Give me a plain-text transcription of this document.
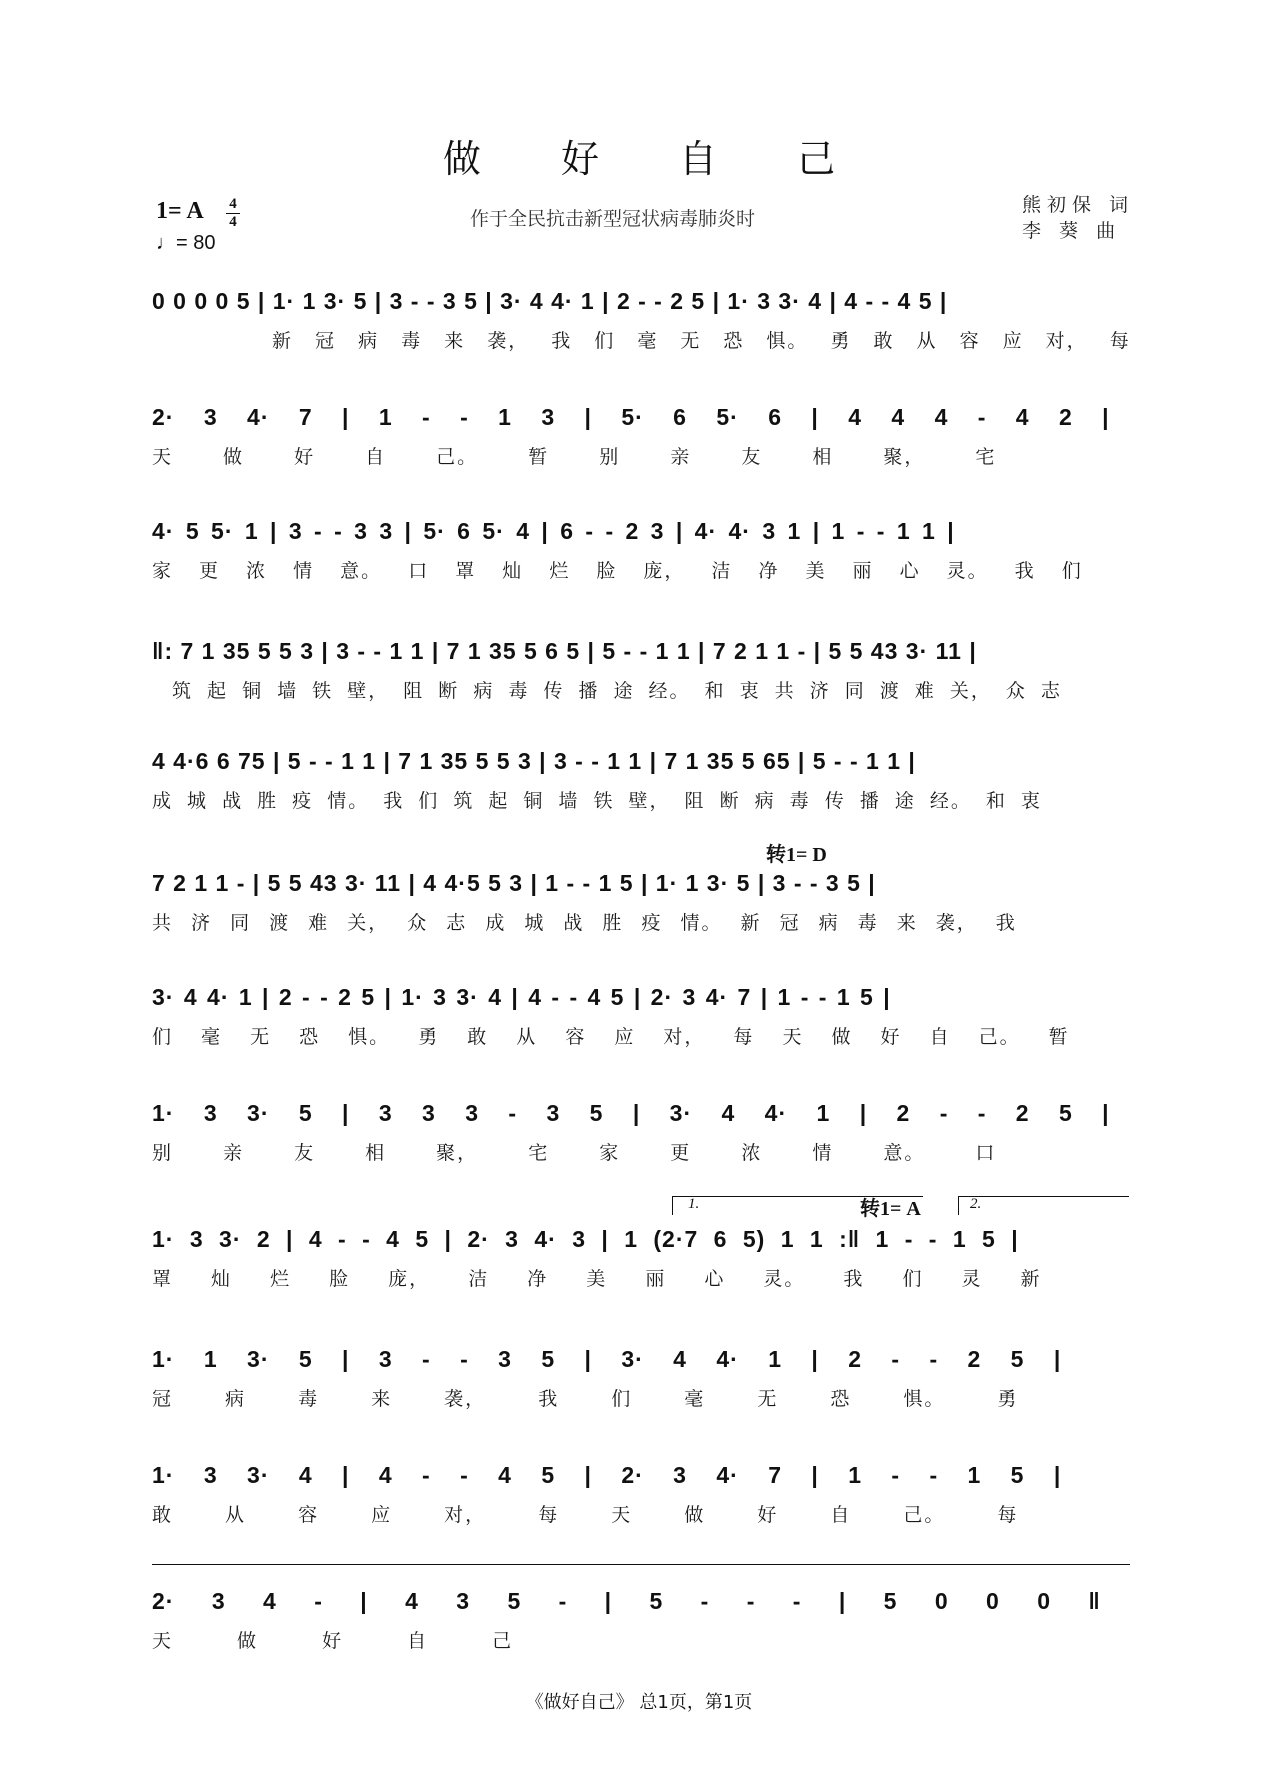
做 好 自 己
作于全民抗击新型冠状病毒肺炎时
熊初保 词
李 葵 曲
1= A 4
4
♩= 80
0 0 0 0 5 | 1· 1 3· 5 | 3 - - 3 5 | 3· 4 4· 1 | 2 - - 2 5 | 1· 3 3· 4 | 4 - - 4 5 |
新 冠 病 毒 来 袭， 我 们 毫 无 恐 惧。 勇 敢 从 容 应 对， 每
2· 3 4· 7 | 1 - - 1 3 | 5· 6 5· 6 | 4 4 4 - 4 2 |
天 做 好 自 己。 暂 别 亲 友 相 聚， 宅
4· 5 5· 1 | 3 - - 3 3 | 5· 6 5· 4 | 6 - - 2 3 | 4· 4· 3 1 | 1 - - 1 1 |
家 更 浓 情 意。 口 罩 灿 烂 脸 庞， 洁 净 美 丽 心 灵。 我 们
‖: 7 1 35 5 5 3 | 3 - - 1 1 | 7 1 35 5 6 5 | 5 - - 1 1 | 7 2 1 1 - | 5 5 43 3· 11 |
筑 起 铜 墙 铁 壁， 阻 断 病 毒 传 播 途 经。 和 衷 共 济 同 渡 难 关， 众 志
4 4·6 6 75 | 5 - - 1 1 | 7 1 35 5 5 3 | 3 - - 1 1 | 7 1 35 5 65 | 5 - - 1 1 |
成 城 战 胜 疫 情。 我 们 筑 起 铜 墙 铁 壁， 阻 断 病 毒 传 播 途 经。 和 衷
转1= D
7 2 1 1 - | 5 5 43 3· 11 | 4 4·5 5 3 | 1 - - 1 5 | 1· 1 3· 5 | 3 - - 3 5 |
共 济 同 渡 难 关， 众 志 成 城 战 胜 疫 情。 新 冠 病 毒 来 袭， 我
3· 4 4· 1 | 2 - - 2 5 | 1· 3 3· 4 | 4 - - 4 5 | 2· 3 4· 7 | 1 - - 1 5 |
们 毫 无 恐 惧。 勇 敢 从 容 应 对， 每 天 做 好 自 己。 暂
1· 3 3· 5 | 3 3 3 - 3 5 | 3· 4 4· 1 | 2 - - 2 5 |
别 亲 友 相 聚， 宅 家 更 浓 情 意。 口
1.	转1= A	2.
1· 3 3· 2 | 4 - - 4 5 | 2· 3 4· 3 | 1 (2·7 6 5) 1 1 :‖ 1 - - 1 5 |
罩 灿 烂 脸 庞， 洁 净 美 丽 心 灵。 我 们 灵 新
1· 1 3· 5 | 3 - - 3 5 | 3· 4 4· 1 | 2 - - 2 5 |
冠 病 毒 来 袭， 我 们 毫 无 恐 惧。 勇
1· 3 3· 4 | 4 - - 4 5 | 2· 3 4· 7 | 1 - - 1 5 |
敢 从 容 应 对， 每 天 做 好 自 己。 每
2· 3 4 - | 4 3 5 - | 5 - - - | 5 0 0 0 ‖
天 做 好 自 己
《做好自己》 总1页，第1页
